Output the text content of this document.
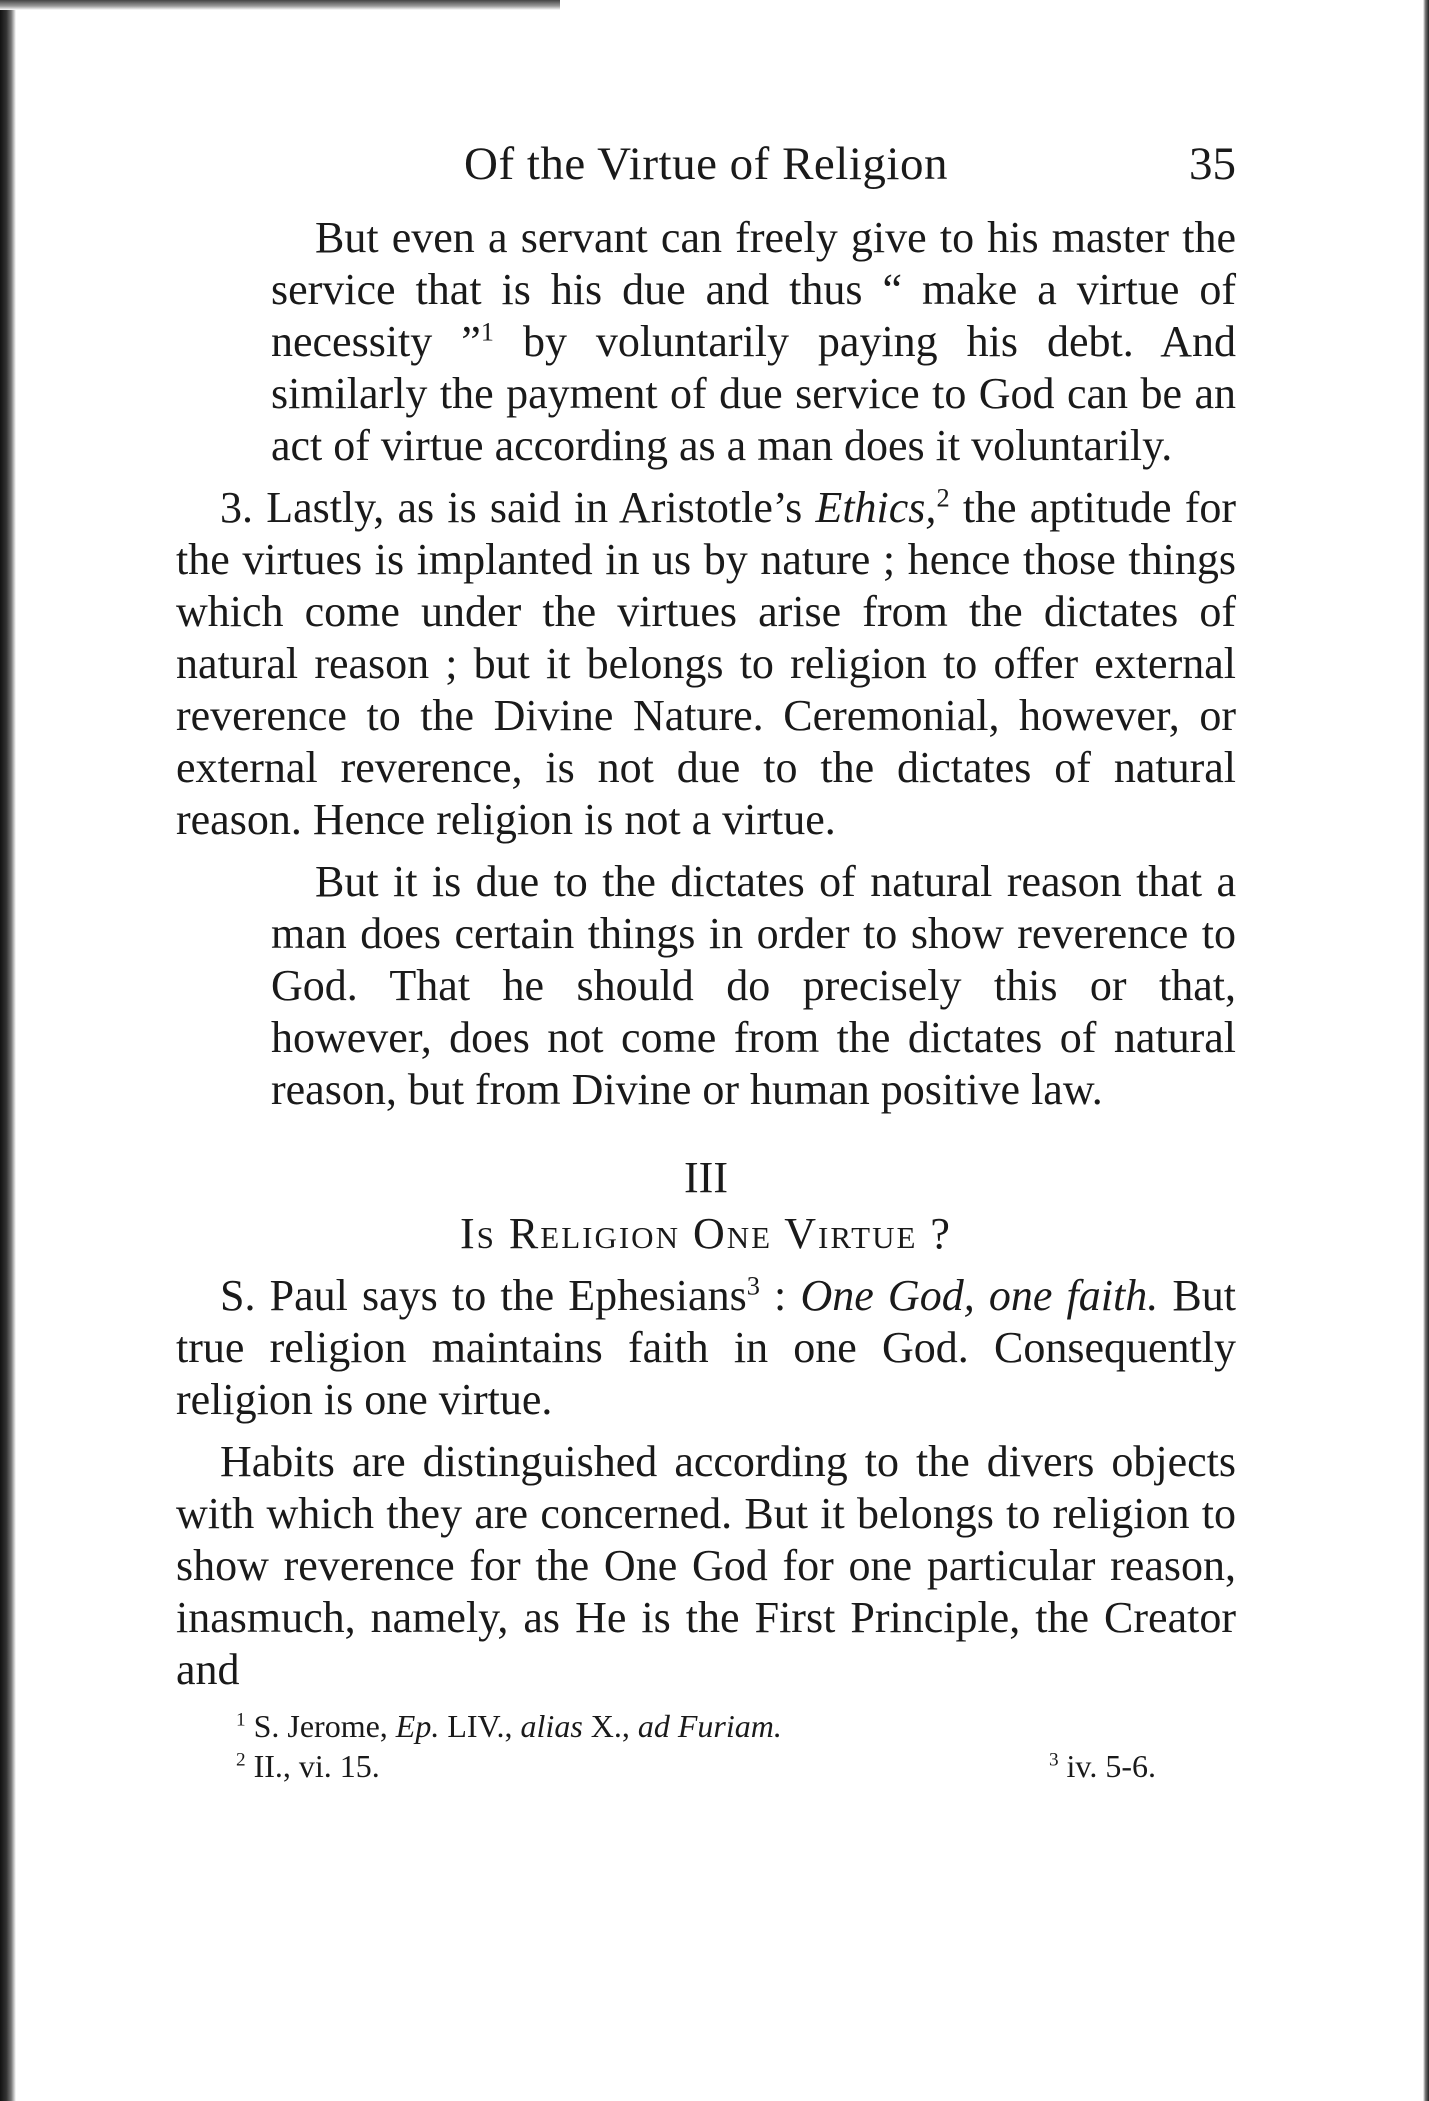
Of the Virtue of Religion	35

But even a servant can freely give to his master the service that is his due and thus “ make a virtue of necessity ”$^1$ by voluntarily paying his debt. And similarly the payment of due service to God can be an act of virtue according as a man does it voluntarily.

3. Lastly, as is said in Aristotle’s Ethics,$^2$ the aptitude for the virtues is implanted in us by nature ; hence those things which come under the virtues arise from the dictates of natural reason ; but it belongs to religion to offer external reverence to the Divine Nature. Ceremonial, however, or external reverence, is not due to the dictates of natural reason. Hence religion is not a virtue.

But it is due to the dictates of natural reason that a man does certain things in order to show reverence to God. That he should do precisely this or that, however, does not come from the dictates of natural reason, but from Divine or human positive law.

III
Is Religion One Virtue ?

S. Paul says to the Ephesians$^3$ : One God, one faith. But true religion maintains faith in one God. Consequently religion is one virtue.

Habits are distinguished according to the divers objects with which they are concerned. But it belongs to religion to show reverence for the One God for one particular reason, inasmuch, namely, as He is the First Principle, the Creator and

$^1$ S. Jerome, Ep. LIV., alias X., ad Furiam.
$^2$ II., vi. 15.	$^3$ iv. 5-6.
